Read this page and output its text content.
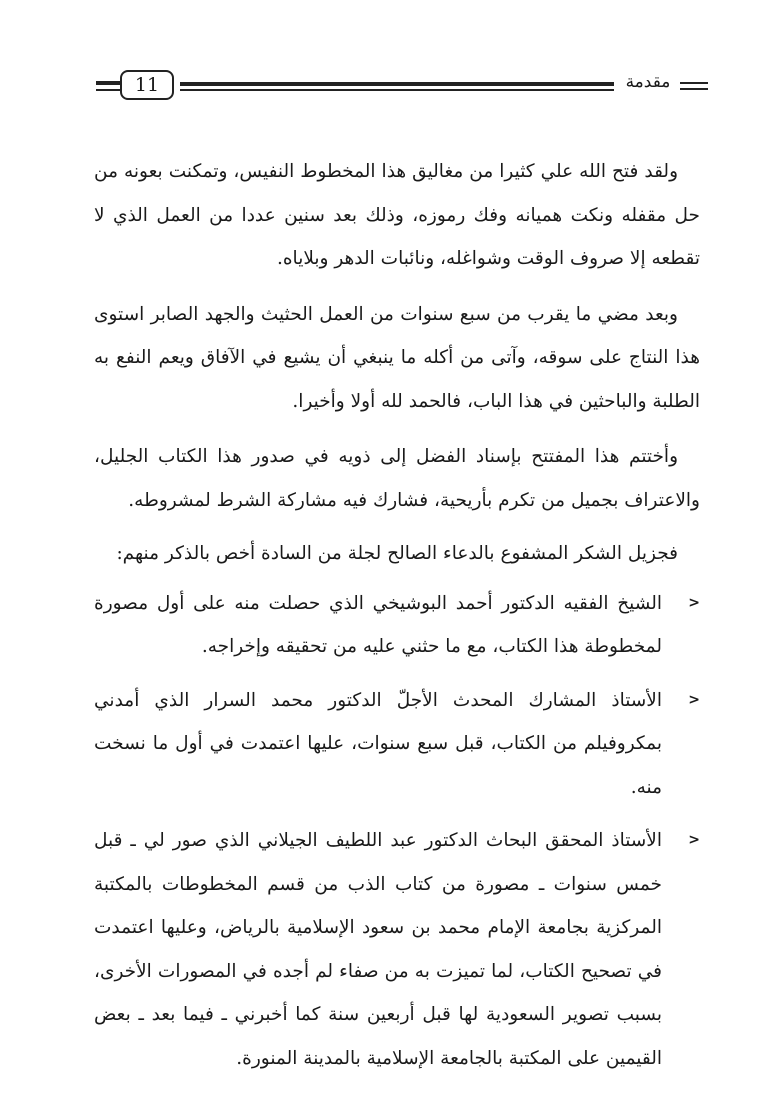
11	مقدمة

ولقد فتح الله علي كثيرا من مغاليق هذا المخطوط النفيس، وتمكنت بعونه من حل مقفله ونكت هميانه وفك رموزه، وذلك بعد سنين عددا من العمل الذي لا تقطعه إلا صروف الوقت وشواغله، ونائبات الدهر وبلاياه.

وبعد مضي ما يقرب من سبع سنوات من العمل الحثيث والجهد الصابر استوى هذا النتاج على سوقه، وآتى من أكله ما ينبغي أن يشيع في الآفاق ويعم النفع به الطلبة والباحثين في هذا الباب، فالحمد لله أولا وأخيرا.

وأختتم هذا المفتتح بإسناد الفضل إلى ذويه في صدور هذا الكتاب الجليل، والاعتراف بجميل من تكرم بأريحية، فشارك فيه مشاركة الشرط لمشروطه.

فجزيل الشكر المشفوع بالدعاء الصالح لجلة من السادة أخص بالذكر منهم:

<
الشيخ الفقيه الدكتور أحمد البوشيخي الذي حصلت منه على أول مصورة لمخطوطة هذا الكتاب، مع ما حثني عليه من تحقيقه وإخراجه.
<
الأستاذ المشارك المحدث الأجلّ الدكتور محمد السرار الذي أمدني بمكروفيلم من الكتاب، قبل سبع سنوات، عليها اعتمدت في أول ما نسخت منه.
<
الأستاذ المحقق البحاث الدكتور عبد اللطيف الجيلاني الذي صور لي ـ قبل خمس سنوات ـ مصورة من كتاب الذب من قسم المخطوطات بالمكتبة المركزية بجامعة الإمام محمد بن سعود الإسلامية بالرياض، وعليها اعتمدت في تصحيح الكتاب، لما تميزت به من صفاء لم أجده في المصورات الأخرى، بسبب تصوير السعودية لها قبل أربعين سنة كما أخبرني ـ فيما بعد ـ بعض القيمين على المكتبة بالجامعة الإسلامية بالمدينة المنورة.
